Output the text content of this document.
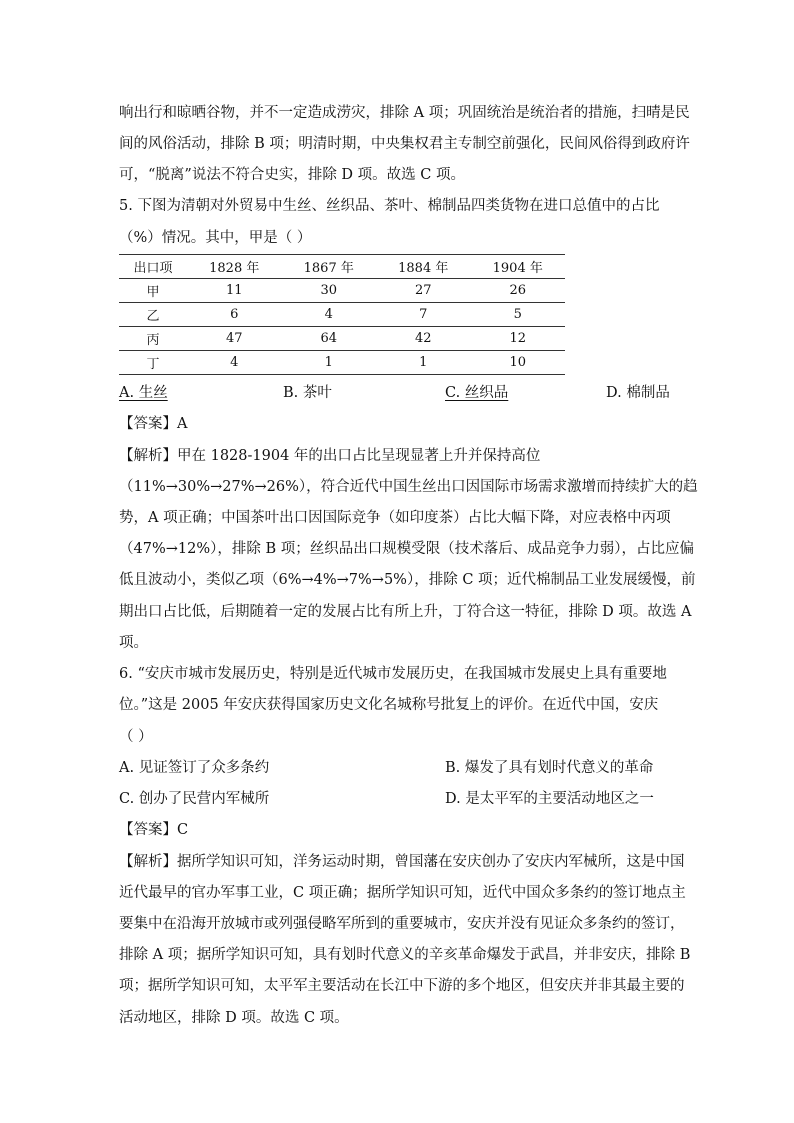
响出行和晾晒谷物，并不一定造成涝灾，排除 A 项；巩固统治是统治者的措施，扫晴是民
间的风俗活动，排除 B 项；明清时期，中央集权君主专制空前强化，民间风俗得到政府许
可，“脱离”说法不符合史实，排除 D 项。故选 C 项。
5. 下图为清朝对外贸易中生丝、丝织品、茶叶、棉制品四类货物在进口总值中的占比
（%）情况。其中，甲是（ ）
出口项	1828 年	1867 年	1884 年	1904 年
甲	11	30	27	26
乙	6	4	7	5
丙	47	64	42	12
丁	4	1	1	10
A. 生丝	B. 茶叶	C. 丝织品	D. 棉制品
【答案】A
【解析】甲在 1828-1904 年的出口占比呈现显著上升并保持高位
（11%→30%→27%→26%），符合近代中国生丝出口因国际市场需求激增而持续扩大的趋
势，A 项正确；中国茶叶出口因国际竞争（如印度茶）占比大幅下降，对应表格中丙项
（47%→12%），排除 B 项；丝织品出口规模受限（技术落后、成品竞争力弱），占比应偏
低且波动小，类似乙项（6%→4%→7%→5%），排除 C 项；近代棉制品工业发展缓慢，前
期出口占比低，后期随着一定的发展占比有所上升，丁符合这一特征，排除 D 项。故选 A
项。
6. “安庆市城市发展历史，特别是近代城市发展历史，在我国城市发展史上具有重要地
位。”这是 2005 年安庆获得国家历史文化名城称号批复上的评价。在近代中国，安庆
（ ）
A. 见证签订了众多条约	B. 爆发了具有划时代意义的革命
C. 创办了民营内军械所	D. 是太平军的主要活动地区之一
【答案】C
【解析】据所学知识可知，洋务运动时期，曾国藩在安庆创办了安庆内军械所，这是中国
近代最早的官办军事工业，C 项正确；据所学知识可知，近代中国众多条约的签订地点主
要集中在沿海开放城市或列强侵略军所到的重要城市，安庆并没有见证众多条约的签订，
排除 A 项；据所学知识可知，具有划时代意义的辛亥革命爆发于武昌，并非安庆，排除 B
项；据所学知识可知，太平军主要活动在长江中下游的多个地区，但安庆并非其最主要的
活动地区，排除 D 项。故选 C 项。
